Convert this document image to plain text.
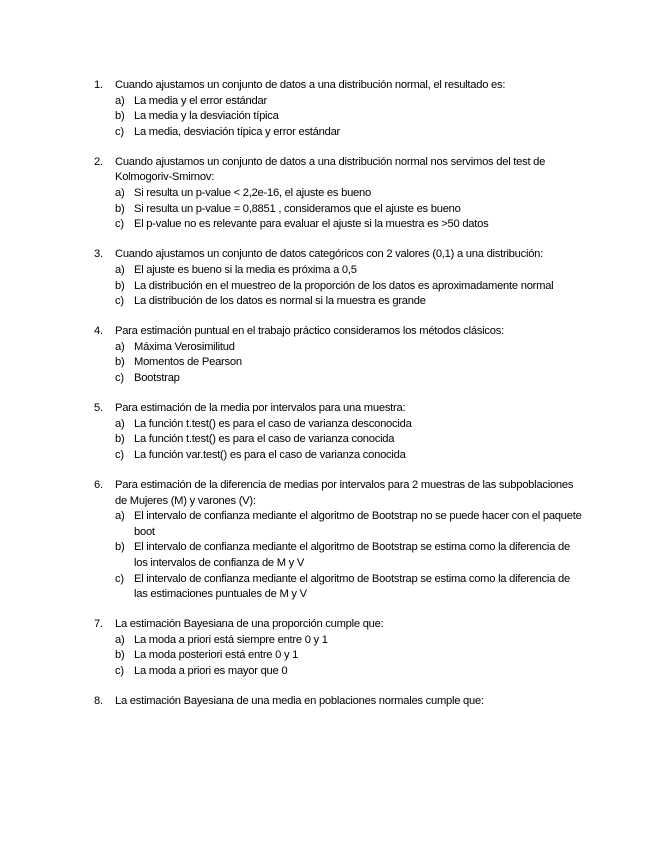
1.	Cuando ajustamos un conjunto de datos a una distribución normal, el resultado es:
a) La media y el error estándar
b) La media y la desviación típica
c) La media, desviación típica y error estándar
2.	Cuando ajustamos un conjunto de datos a una distribución normal nos servimos del test de Kolmogoriv-Smirnov:
a) Si resulta un p-value < 2,2e-16, el ajuste es bueno
b) Si resulta un p-value = 0,8851 , consideramos que el ajuste es bueno
c) El p-value no es relevante para evaluar el ajuste si la muestra es >50 datos
3.	Cuando ajustamos un conjunto de datos categóricos con 2 valores (0,1) a una distribución:
a) El ajuste es bueno si la media es próxima a 0,5
b) La distribución en el muestreo de la proporción de los datos es aproximadamente normal
c) La distribución de los datos es normal si la muestra es grande
4.	Para estimación puntual en el trabajo práctico consideramos los métodos clásicos:
a) Máxima Verosimilitud
b) Momentos de Pearson
c) Bootstrap
5.	Para estimación de la media por intervalos para una muestra:
a) La función t.test() es para el caso de varianza desconocida
b) La función t.test() es para el caso de varianza conocida
c) La función var.test() es para el caso de varianza conocida
6.	Para estimación de la diferencia de medias por intervalos para 2 muestras de las subpoblaciones de Mujeres (M) y varones (V):
a) El intervalo de confianza mediante el algoritmo de Bootstrap no se puede hacer con el paquete boot
b) El intervalo de confianza mediante el algoritmo de Bootstrap se estima como la diferencia de los intervalos de confianza de M y V
c) El intervalo de confianza mediante el algoritmo de Bootstrap se estima como la diferencia de las estimaciones puntuales de M y V
7.	La estimación Bayesiana de una proporción cumple que:
a) La moda a priori está siempre entre 0 y 1
b) La moda posteriori está entre 0 y 1
c) La moda a priori es mayor que 0
8.	La estimación Bayesiana de una media en poblaciones normales cumple que:
